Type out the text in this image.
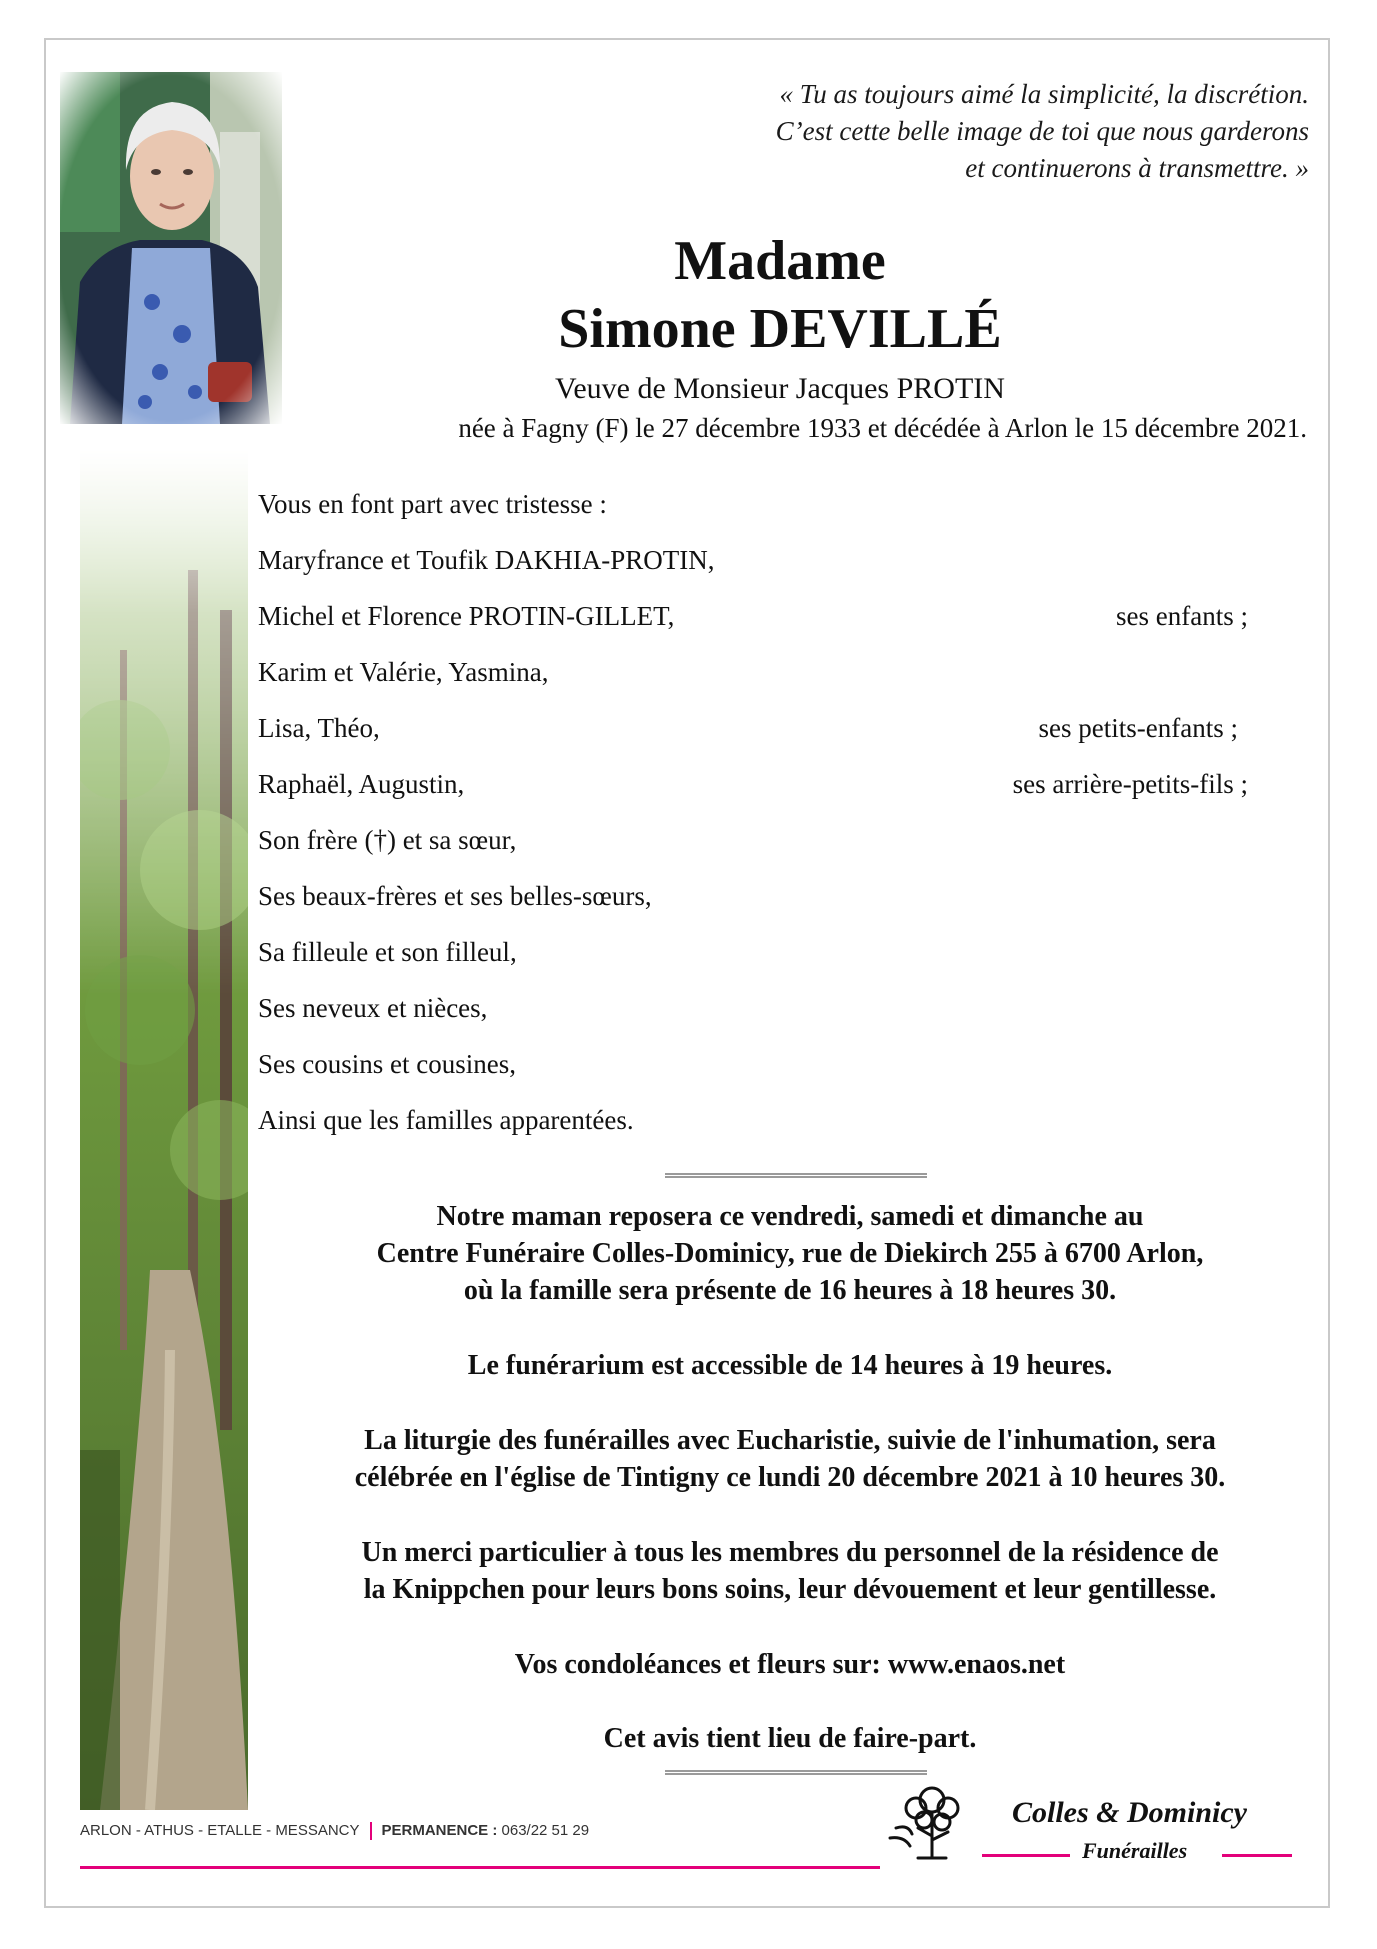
« Tu as toujours aimé la simplicité, la discrétion.
C’est cette belle image de toi que nous garderons
et continuerons à transmettre. »
Madame
Simone DEVILLÉ
Veuve de Monsieur Jacques PROTIN
née à Fagny (F) le 27 décembre 1933 et décédée à Arlon le 15 décembre 2021.
Vous en font part avec tristesse :
Maryfrance et Toufik DAKHIA-PROTIN,
Michel et Florence PROTIN-GILLET,	ses enfants ;
Karim et Valérie, Yasmina,
Lisa, Théo,	ses petits-enfants ;
Raphaël, Augustin,	ses arrière-petits-fils ;
Son frère (†) et sa sœur,
Ses beaux-frères et ses belles-sœurs,
Sa filleule et son filleul,
Ses neveux et nièces,
Ses cousins et cousines,
Ainsi que les familles apparentées.
Notre maman reposera ce vendredi, samedi et dimanche au
Centre Funéraire Colles-Dominicy, rue de Diekirch 255 à 6700 Arlon,
où la famille sera présente de 16 heures à 18 heures 30.
Le funérarium est accessible de 14 heures à 19 heures.
La liturgie des funérailles avec Eucharistie, suivie de l'inhumation, sera
célébrée en l'église de Tintigny ce lundi 20 décembre 2021 à 10 heures 30.
Un merci particulier à tous les membres du personnel de la résidence de
la Knippchen pour leurs bons soins, leur dévouement et leur gentillesse.
Vos condoléances et fleurs sur: www.enaos.net
Cet avis tient lieu de faire-part.
ARLON - ATHUS - ETALLE - MESSANCY PERMANENCE : 063/22 51 29
Colles & Dominicy
Funérailles
